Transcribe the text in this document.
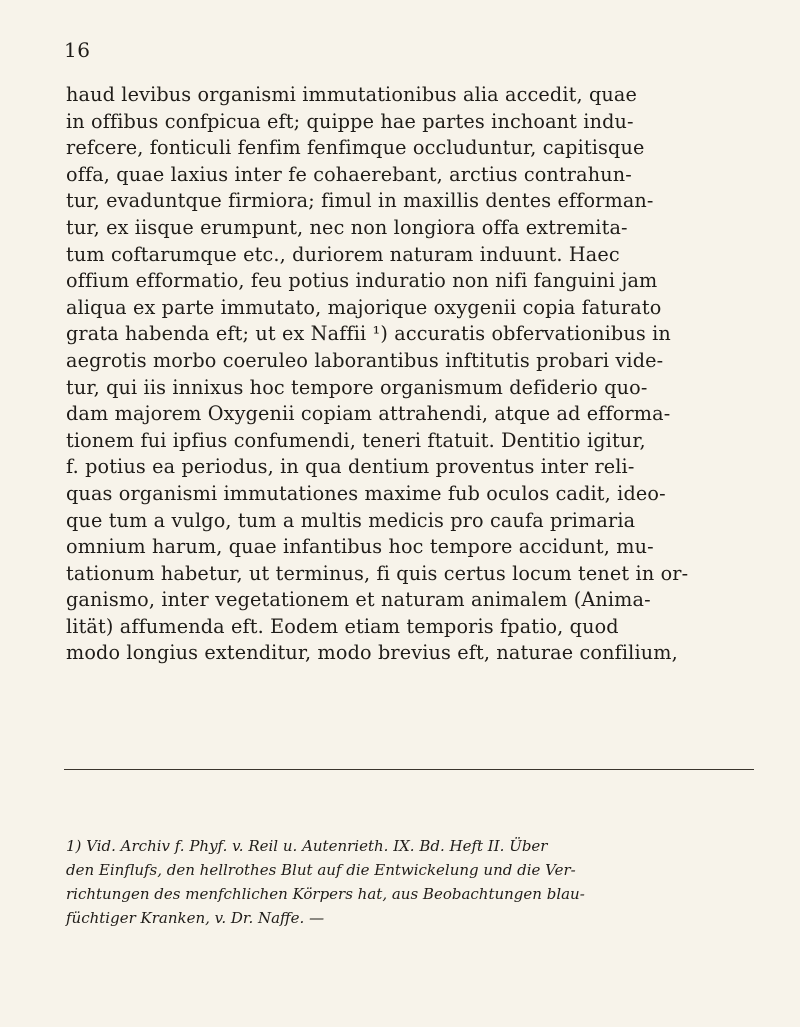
16
haud levibus organismi immutationibus alia accedit, quae
in offibus confpicua eft; quippe hae partes inchoant indu-
refcere, fonticuli fenfim fenfimque occluduntur, capitisque
offa, quae laxius inter fe cohaerebant, arctius contrahun-
tur, evaduntque firmiora; fimul in maxillis dentes efforman-
tur, ex iisque erumpunt, nec non longiora offa extremita-
tum coftarumque etc., duriorem naturam induunt. Haec
offium efformatio, feu potius induratio non nifi fanguini jam
aliqua ex parte immutato, majorique oxygenii copia faturato
grata habenda eft; ut ex Naffii ¹) accuratis obfervationibus in
aegrotis morbo coeruleo laborantibus inftitutis probari vide-
tur, qui iis innixus hoc tempore organismum defiderio quo-
dam majorem Oxygenii copiam attrahendi, atque ad efforma-
tionem fui ipfius confumendi, teneri ftatuit. Dentitio igitur,
f. potius ea periodus, in qua dentium proventus inter reli-
quas organismi immutationes maxime fub oculos cadit, ideo-
que tum a vulgo, tum a multis medicis pro caufa primaria
omnium harum, quae infantibus hoc tempore accidunt, mu-
tationum habetur, ut terminus, fi quis certus locum tenet in or-
ganismo, inter vegetationem et naturam animalem (Anima-
lität) affumenda eft. Eodem etiam temporis fpatio, quod
modo longius extenditur, modo brevius eft, naturae confilium,
1) Vid. Archiv f. Phyf. v. Reil u. Autenrieth. IX. Bd. Heft II. Über
den Einflufs, den hellrothes Blut auf die Entwickelung und die Ver-
richtungen des menfchlichen Körpers hat, aus Beobachtungen blau-
füchtiger Kranken, v. Dr. Naffe. —
